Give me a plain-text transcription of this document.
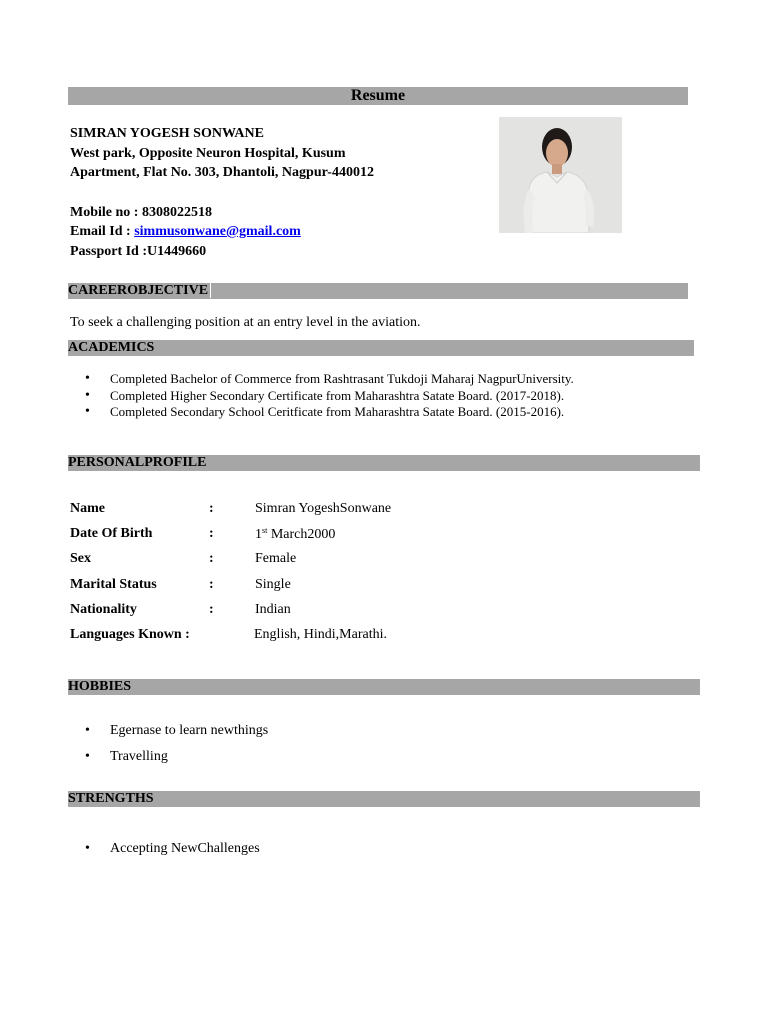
Resume
SIMRAN YOGESH SONWANE
West park, Opposite Neuron Hospital, Kusum Apartment, Flat No. 303, Dhantoli, Nagpur-440012
Mobile no : 8308022518
Email Id : simmusonwane@gmail.com
Passport Id :U1449660
CAREEROBJECTIVE
To seek a challenging position at an entry level in the aviation.
ACADEMICS
• Completed Bachelor of Commerce from Rashtrasant Tukdoji Maharaj NagpurUniversity.
• Completed Higher Secondary Certificate from Maharashtra Satate Board. (2017-2018).
• Completed Secondary School Ceritficate from Maharashtra Satate Board. (2015-2016).
PERSONALPROFILE
Name	:	Simran YogeshSonwane
Date Of Birth	:	1st March2000
Sex	:	Female
Marital Status	:	Single
Nationality	:	Indian
Languages Known :	English, Hindi,Marathi.
HOBBIES
• Egernase to learn newthings
• Travelling
STRENGTHS
• Accepting NewChallenges
